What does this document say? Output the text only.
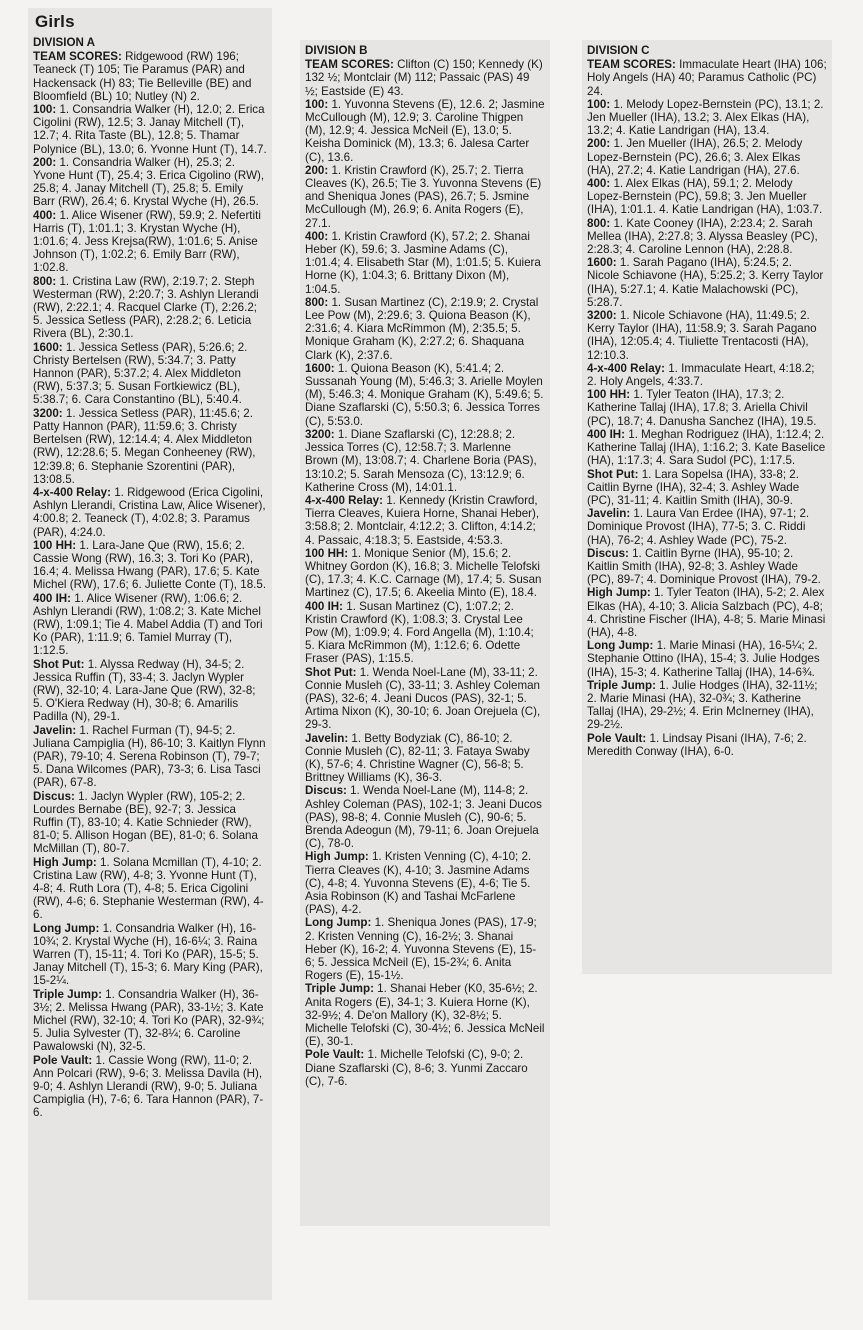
Girls
DIVISION A

TEAM SCORES: Ridgewood (RW) 196; Teaneck (T) 105; Tie Paramus (PAR) and Hackensack (H) 83; Tie Belleville (BE) and Bloomfield (BL) 10; Nutley (N) 2.

100: 1. Consandria Walker (H), 12.0; 2. Erica Cigolini (RW), 12.5; 3. Janay Mitchell (T), 12.7; 4. Rita Taste (BL), 12.8; 5. Thamar Polynice (BL), 13.0; 6. Yvonne Hunt (T), 14.7.

200: 1. Consandria Walker (H), 25.3; 2. Yvone Hunt (T), 25.4; 3. Erica Cigolino (RW), 25.8; 4. Janay Mitchell (T), 25.8; 5. Emily Barr (RW), 26.4; 6. Krystal Wyche (H), 26.5.

400: 1. Alice Wisener (RW), 59.9; 2. Nefertiti Harris (T), 1:01.1; 3. Krystan Wyche (H), 1:01.6; 4. Jess Krejsa(RW), 1:01.6; 5. Anise Johnson (T), 1:02.2; 6. Emily Barr (RW), 1:02.8.

800: 1. Cristina Law (RW), 2:19.7; 2. Steph Westerman (RW), 2:20.7; 3. Ashlyn Llerandi (RW), 2:22.1; 4. Racquel Clarke (T), 2:26.2; 5. Jessica Setless (PAR), 2:28.2; 6. Leticia Rivera (BL), 2:30.1.

1600: 1. Jessica Setless (PAR), 5:26.6; 2. Christy Bertelsen (RW), 5:34.7; 3. Patty Hannon (PAR), 5:37.2; 4. Alex Middleton (RW), 5:37.3; 5. Susan Fortkiewicz (BL), 5:38.7; 6. Cara Constantino (BL), 5:40.4.

3200: 1. Jessica Setless (PAR), 11:45.6; 2. Patty Hannon (PAR), 11:59.6; 3. Christy Bertelsen (RW), 12:14.4; 4. Alex Middleton (RW), 12:28.6; 5. Megan Conheeney (RW), 12:39.8; 6. Stephanie Szorentini (PAR), 13:08.5.

4-x-400 Relay: 1. Ridgewood (Erica Cigolini, Ashlyn Llerandi, Cristina Law, Alice Wisener), 4:00.8; 2. Teaneck (T), 4:02.8; 3. Paramus (PAR), 4:24.0.

100 HH: 1. Lara-Jane Que (RW), 15.6; 2. Cassie Wong (RW), 16.3; 3. Tori Ko (PAR), 16.4; 4. Melissa Hwang (PAR), 17.6; 5. Kate Michel (RW), 17.6; 6. Juliette Conte (T), 18.5.

400 IH: 1. Alice Wisener (RW), 1:06.6; 2. Ashlyn Llerandi (RW), 1:08.2; 3. Kate Michel (RW), 1:09.1; Tie 4. Mabel Addia (T) and Tori Ko (PAR), 1:11.9; 6. Tamiel Murray (T), 1:12.5.

Shot Put: 1. Alyssa Redway (H), 34-5; 2. Jessica Ruffin (T), 33-4; 3. Jaclyn Wypler (RW), 32-10; 4. Lara-Jane Que (RW), 32-8; 5. O'Kiera Redway (H), 30-8; 6. Amarilis Padilla (N), 29-1.

Javelin: 1. Rachel Furman (T), 94-5; 2. Juliana Campiglia (H), 86-10; 3. Kaitlyn Flynn (PAR), 79-10; 4. Serena Robinson (T), 79-7; 5. Dana Wilcomes (PAR), 73-3; 6. Lisa Tasci (PAR), 67-8.

Discus: 1. Jaclyn Wypler (RW), 105-2; 2. Lourdes Bernabe (BE), 92-7; 3. Jessica Ruffin (T), 83-10; 4. Katie Schnieder (RW), 81-0; 5. Allison Hogan (BE), 81-0; 6. Solana McMillan (T), 80-7.

High Jump: 1. Solana Mcmillan (T), 4-10; 2. Cristina Law (RW), 4-8; 3. Yvonne Hunt (T), 4-8; 4. Ruth Lora (T), 4-8; 5. Erica Cigolini (RW), 4-6; 6. Stephanie Westerman (RW), 4-6.

Long Jump: 1. Consandria Walker (H), 16-10¾; 2. Krystal Wyche (H), 16-6¼; 3. Raina Warren (T), 15-11; 4. Tori Ko (PAR), 15-5; 5. Janay Mitchell (T), 15-3; 6. Mary King (PAR), 15-2¼.

Triple Jump: 1. Consandria Walker (H), 36-3½; 2. Melissa Hwang (PAR), 33-1½; 3. Kate Michel (RW), 32-10; 4. Tori Ko (PAR), 32-9¾; 5. Julia Sylvester (T), 32-8¼; 6. Caroline Pawalowski (N), 32-5.

Pole Vault: 1. Cassie Wong (RW), 11-0; 2. Ann Polcari (RW), 9-6; 3. Melissa Davila (H), 9-0; 4. Ashlyn Llerandi (RW), 9-0; 5. Juliana Campiglia (H), 7-6; 6. Tara Hannon (PAR), 7-6.

DIVISION B

TEAM SCORES: Clifton (C) 150; Kennedy (K) 132 ½; Montclair (M) 112; Passaic (PAS) 49 ½; Eastside (E) 43.

100: 1. Yuvonna Stevens (E), 12.6. 2; Jasmine McCullough (M), 12.9; 3. Caroline Thigpen (M), 12.9; 4. Jessica McNeil (E), 13.0; 5. Keisha Dominick (M), 13.3; 6. Jalesa Carter (C), 13.6.

200: 1. Kristin Crawford (K), 25.7; 2. Tierra Cleaves (K), 26.5; Tie 3. Yuvonna Stevens (E) and Sheniqua Jones (PAS), 26.7; 5. Jsmine McCullough (M), 26.9; 6. Anita Rogers (E), 27.1.

400: 1. Kristin Crawford (K), 57.2; 2. Shanai Heber (K), 59.6; 3. Jasmine Adams (C), 1:01.4; 4. Elisabeth Star (M), 1:01.5; 5. Kuiera Horne (K), 1:04.3; 6. Brittany Dixon (M), 1:04.5.

800: 1. Susan Martinez (C), 2:19.9; 2. Crystal Lee Pow (M), 2:29.6; 3. Quiona Beason (K), 2:31.6; 4. Kiara McRimmon (M), 2:35.5; 5. Monique Graham (K), 2:27.2; 6. Shaquana Clark (K), 2:37.6.

1600: 1. Quiona Beason (K), 5:41.4; 2. Sussanah Young (M), 5:46.3; 3. Arielle Moylen (M), 5:46.3; 4. Monique Graham (K), 5:49.6; 5. Diane Szaflarski (C), 5:50.3; 6. Jessica Torres (C), 5:53.0.

3200: 1. Diane Szaflarski (C), 12:28.8; 2. Jessica Torres (C), 12:58.7; 3. Marlenne Brown (M), 13:08.7; 4. Charlene Boria (PAS), 13:10.2; 5. Sarah Mensoza (C), 13:12.9; 6. Katherine Cross (M), 14:01.1.

4-x-400 Relay: 1. Kennedy (Kristin Crawford, Tierra Cleaves, Kuiera Horne, Shanai Heber), 3:58.8; 2. Montclair, 4:12.2; 3. Clifton, 4:14.2; 4. Passaic, 4:18.3; 5. Eastside, 4:53.3.

100 HH: 1. Monique Senior (M), 15.6; 2. Whitney Gordon (K), 16.8; 3. Michelle Telofski (C), 17.3; 4. K.C. Carnage (M), 17.4; 5. Susan Martinez (C), 17.5; 6. Akeelia Minto (E), 18.4.

400 IH: 1. Susan Martinez (C), 1:07.2; 2. Kristin Crawford (K), 1:08.3; 3. Crystal Lee Pow (M), 1:09.9; 4. Ford Angella (M), 1:10.4; 5. Kiara McRimmon (M), 1:12.6; 6. Odette Fraser (PAS), 1:15.5.

Shot Put: 1. Wenda Noel-Lane (M), 33-11; 2. Connie Musleh (C), 33-11; 3. Ashley Coleman (PAS), 32-6; 4. Jeani Ducos (PAS), 32-1; 5. Artima Nixon (K), 30-10; 6. Joan Orejuela (C), 29-3.

Javelin: 1. Betty Bodyziak (C), 86-10; 2. Connie Musleh (C), 82-11; 3. Fataya Swaby (K), 57-6; 4. Christine Wagner (C), 56-8; 5. Brittney Williams (K), 36-3.

Discus: 1. Wenda Noel-Lane (M), 114-8; 2. Ashley Coleman (PAS), 102-1; 3. Jeani Ducos (PAS), 98-8; 4. Connie Musleh (C), 90-6; 5. Brenda Adeogun (M), 79-11; 6. Joan Orejuela (C), 78-0.

High Jump: 1. Kristen Venning (C), 4-10; 2. Tierra Cleaves (K), 4-10; 3. Jasmine Adams (C), 4-8; 4. Yuvonna Stevens (E), 4-6; Tie 5. Asia Robinson (K) and Tashai McFarlene (PAS), 4-2.

Long Jump: 1. Sheniqua Jones (PAS), 17-9; 2. Kristen Venning (C), 16-2½; 3. Shanai Heber (K), 16-2; 4. Yuvonna Stevens (E), 15-6; 5. Jessica McNeil (E), 15-2¾; 6. Anita Rogers (E), 15-1½.

Triple Jump: 1. Shanai Heber (K0, 35-6½; 2. Anita Rogers (E), 34-1; 3. Kuiera Horne (K), 32-9½; 4. De'on Mallory (K), 32-8½; 5. Michelle Telofski (C), 30-4½; 6. Jessica McNeil (E), 30-1.

Pole Vault: 1. Michelle Telofski (C), 9-0; 2. Diane Szaflarski (C), 8-6; 3. Yunmi Zaccaro (C), 7-6.

DIVISION C

TEAM SCORES: Immaculate Heart (IHA) 106; Holy Angels (HA) 40; Paramus Catholic (PC) 24.

100: 1. Melody Lopez-Bernstein (PC), 13.1; 2. Jen Mueller (IHA), 13.2; 3. Alex Elkas (HA), 13.2; 4. Katie Landrigan (HA), 13.4.

200: 1. Jen Mueller (IHA), 26.5; 2. Melody Lopez-Bernstein (PC), 26.6; 3. Alex Elkas (HA), 27.2; 4. Katie Landrigan (HA), 27.6.

400: 1. Alex Elkas (HA), 59.1; 2. Melody Lopez-Bernstein (PC), 59.8; 3. Jen Mueller (IHA), 1:01.1. 4. Katie Landrigan (HA), 1:03.7.

800: 1. Kate Cooney (IHA), 2:23.4; 2. Sarah Mellea (IHA), 2:27.8; 3. Alyssa Beasley (PC), 2:28.3; 4. Caroline Lennon (HA), 2:28.8.

1600: 1. Sarah Pagano (IHA), 5:24.5; 2. Nicole Schiavone (HA), 5:25.2; 3. Kerry Taylor (IHA), 5:27.1; 4. Katie Malachowski (PC), 5:28.7.

3200: 1. Nicole Schiavone (HA), 11:49.5; 2. Kerry Taylor (IHA), 11:58.9; 3. Sarah Pagano (IHA), 12:05.4; 4. Tiuliette Trentacosti (HA), 12:10.3.

4-x-400 Relay: 1. Immaculate Heart, 4:18.2; 2. Holy Angels, 4:33.7.

100 HH: 1. Tyler Teaton (IHA), 17.3; 2. Katherine Tallaj (IHA), 17.8; 3. Ariella Chivil (PC), 18.7; 4. Danusha Sanchez (IHA), 19.5.

400 IH: 1. Meghan Rodriguez (IHA), 1:12.4; 2. Katherine Tallaj (IHA), 1:16.2; 3. Kate Baselice (HA), 1:17.3; 4. Sara Sudol (PC), 1:17.5.

Shot Put: 1. Lara Sopelsa (IHA), 33-8; 2. Caitlin Byrne (IHA), 32-4; 3. Ashley Wade (PC), 31-11; 4. Kaitlin Smith (IHA), 30-9.

Javelin: 1. Laura Van Erdee (IHA), 97-1; 2. Dominique Provost (IHA), 77-5; 3. C. Riddi (HA), 76-2; 4. Ashley Wade (PC), 75-2.

Discus: 1. Caitlin Byrne (IHA), 95-10; 2. Kaitlin Smith (IHA), 92-8; 3. Ashley Wade (PC), 89-7; 4. Dominique Provost (IHA), 79-2.

High Jump: 1. Tyler Teaton (IHA), 5-2; 2. Alex Elkas (HA), 4-10; 3. Alicia Salzbach (PC), 4-8; 4. Christine Fischer (IHA), 4-8; 5. Marie Minasi (HA), 4-8.

Long Jump: 1. Marie Minasi (HA), 16-5¼; 2. Stephanie Ottino (IHA), 15-4; 3. Julie Hodges (IHA), 15-3; 4. Katherine Tallaj (IHA), 14-6¾.

Triple Jump: 1. Julie Hodges (IHA), 32-11½; 2. Marie Minasi (HA), 32-0¾; 3. Katherine Tallaj (IHA), 29-2½; 4. Erin McInerney (IHA), 29-2½.

Pole Vault: 1. Lindsay Pisani (IHA), 7-6; 2. Meredith Conway (IHA), 6-0.
